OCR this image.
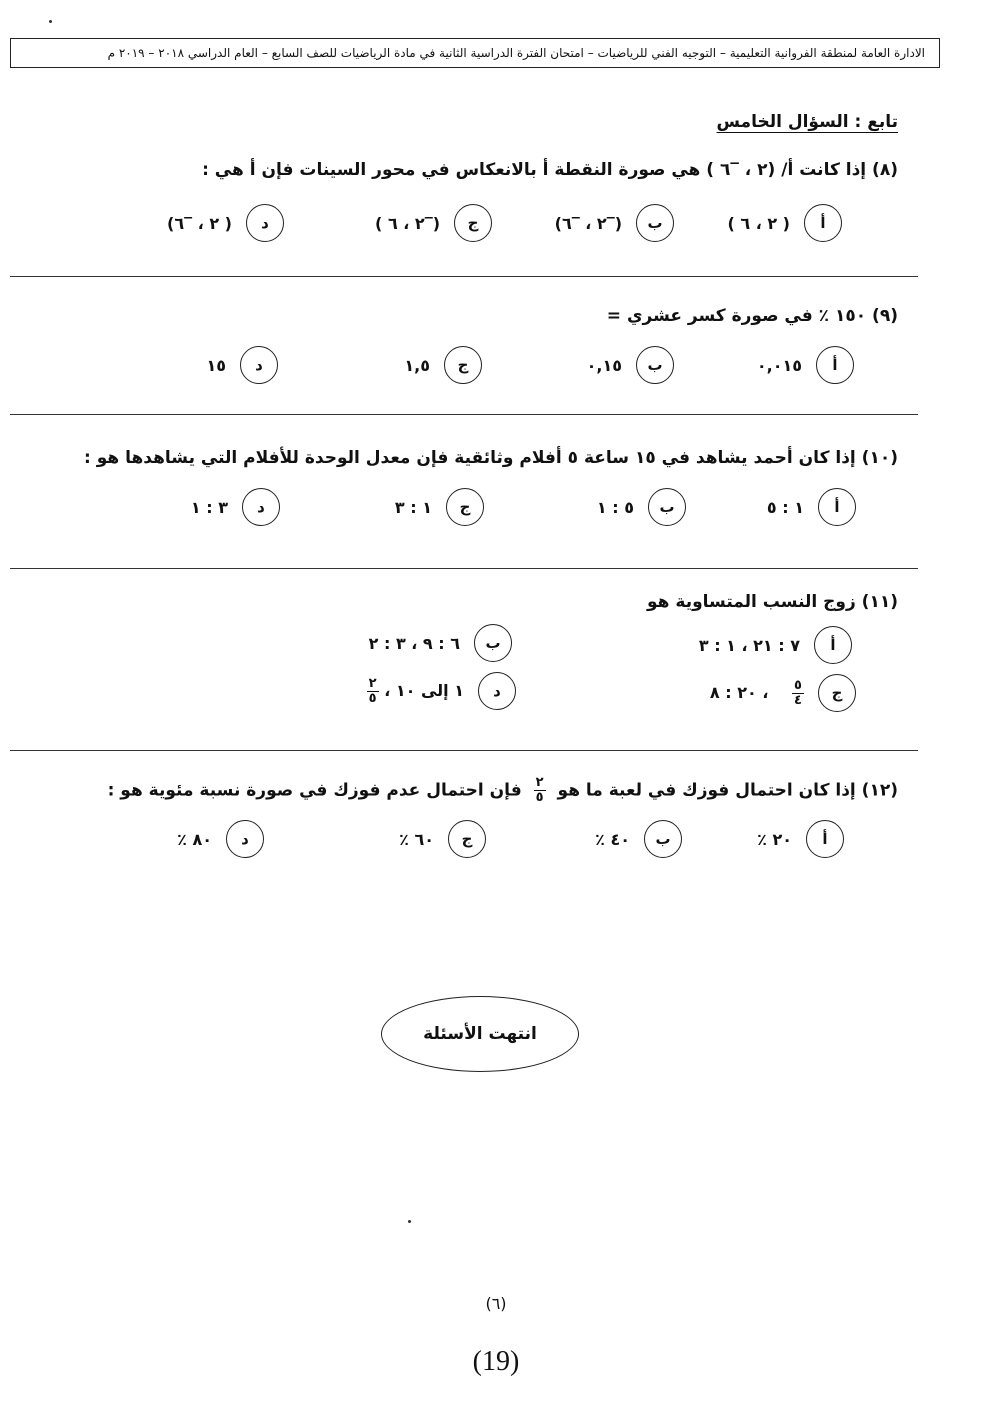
الادارة العامة لمنطقة الفروانية التعليمية – التوجيه الفني للرياضيات – امتحان الفترة الدراسية الثانية في مادة الرياضيات للصف السابع – العام الدراسي ٢٠١٨ – ٢٠١٩ م
تابع : السؤال الخامس
(٨) إذا كانت أ/ (٢ ، ‾٦ ) هي صورة النقطة أ بالانعكاس في محور السينات فإن أ هي :
أ
( ٢ ، ٦ )
ب
(‾٢ ، ‾٦)
ج
(‾٢ ، ٦ )
د
( ٢ ، ‾٦)
(٩) ١٥٠ ٪ في صورة كسر عشري =
أ
٠,٠١٥
ب
٠,١٥
ج
١,٥
د
١٥
(١٠) إذا كان أحمد يشاهد في ١٥ ساعة ٥ أفلام وثائقية فإن معدل الوحدة للأفلام التي يشاهدها هو :
أ
١ : ٥
ب
٥ : ١
ج
١ : ٣
د
٣ : ١
(١١) زوج النسب المتساوية هو
أ
٧ : ٢١ ، ١ : ٣
ب
٦ : ٩ ، ٣ : ٢
ج
$\frac{٥}{٤}$
، ٢٠ : ٨
د
١ إلى ١٠ ،
$\frac{٢}{٥}$
(١٢) إذا كان احتمال فوزك في لعبة ما هو
$\frac{٢}{٥}$
فإن احتمال عدم فوزك في صورة نسبة مئوية هو :
أ
٢٠ ٪
ب
٤٠ ٪
ج
٦٠ ٪
د
٨٠ ٪
انتهت الأسئلة
(٦)
(19)
